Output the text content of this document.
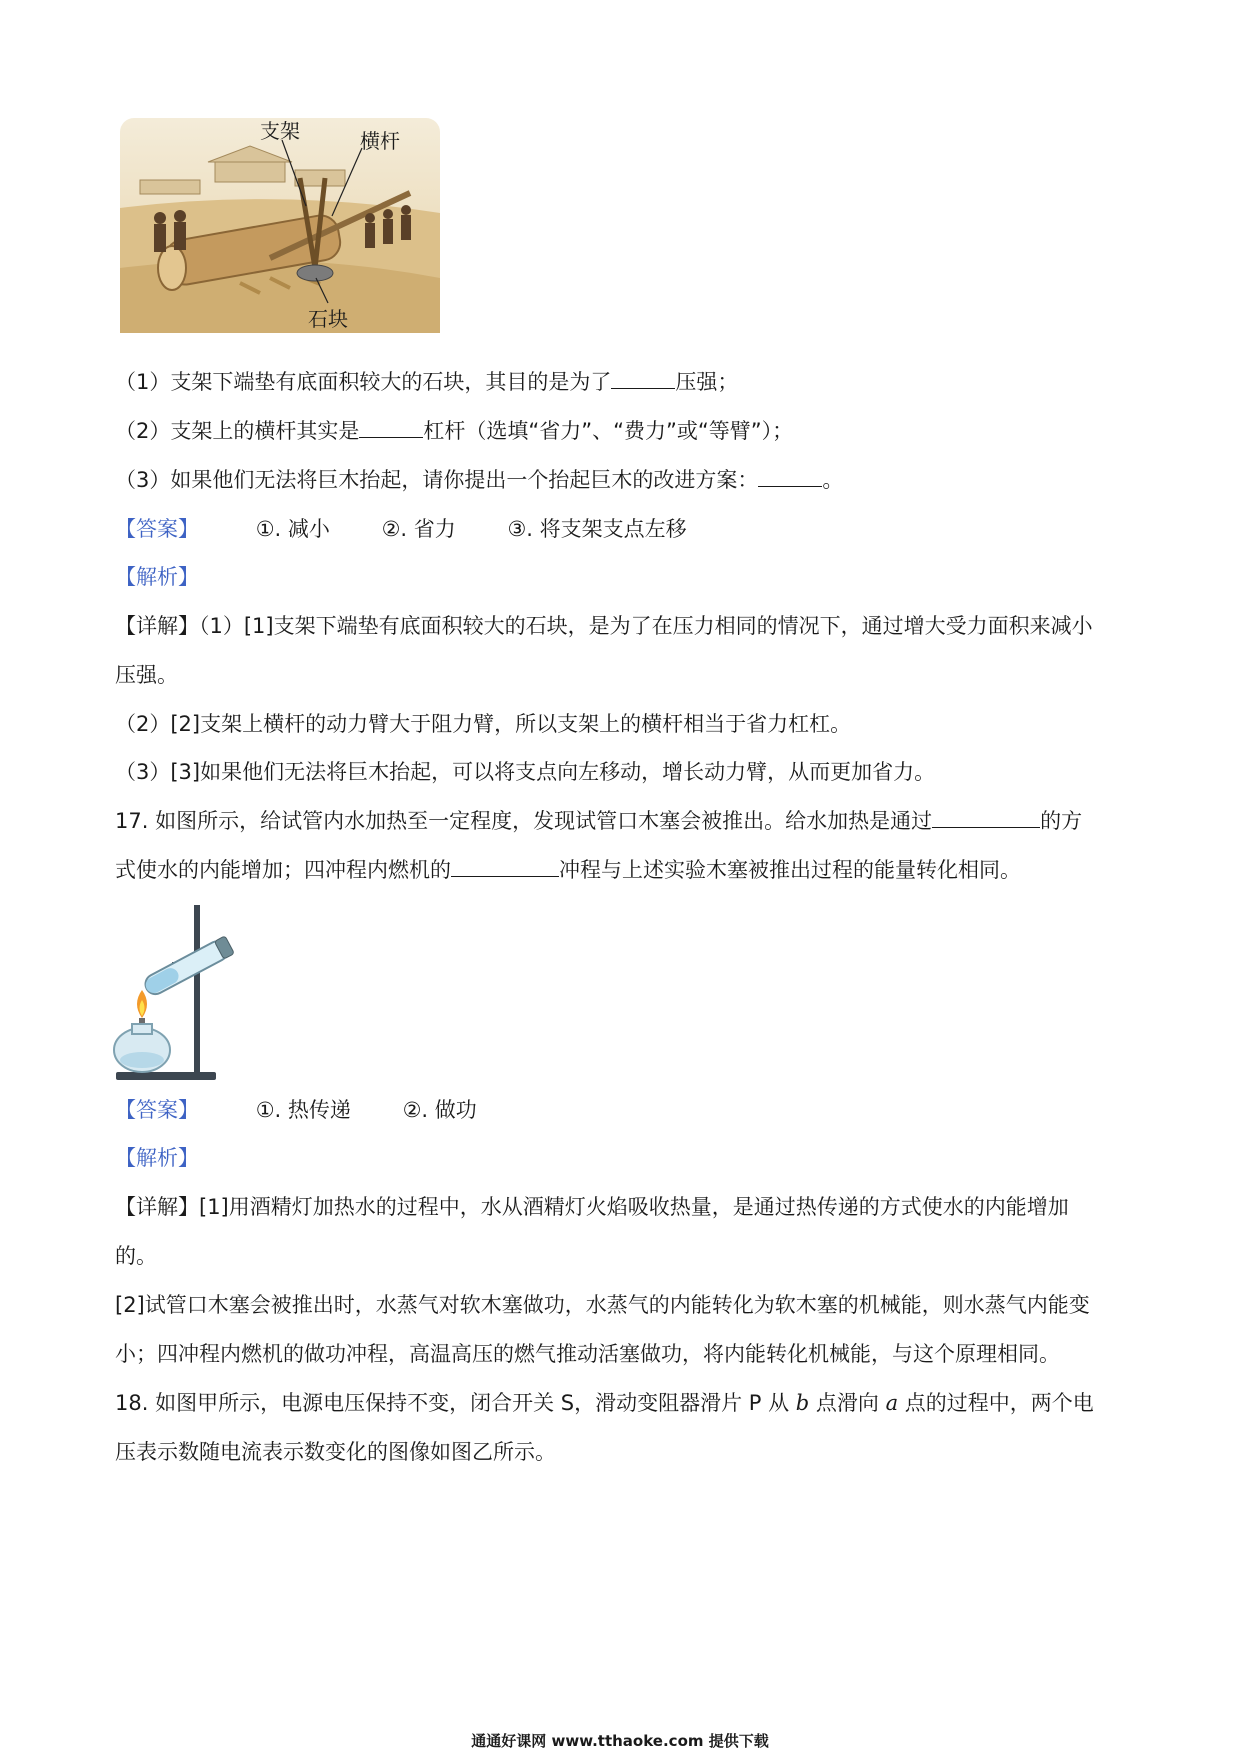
支架	横杆
石块
（1）支架下端垫有底面积较大的石块，其目的是为了	压强；
（2）支架上的横杆其实是	杠杆（选填“省力”、“费力”或“等臂”）；
（3）如果他们无法将巨木抬起，请你提出一个抬起巨木的改进方案：	。
【答案】	①. 减小 ②. 省力 ③. 将支架支点左移
【解析】
【详解】（1）[1]支架下端垫有底面积较大的石块，是为了在压力相同的情况下，通过增大受力面积来减小
压强。
（2）[2]支架上横杆的动力臂大于阻力臂，所以支架上的横杆相当于省力杠杠。
（3）[3]如果他们无法将巨木抬起，可以将支点向左移动，增长动力臂，从而更加省力。
17. 如图所示，给试管内水加热至一定程度，发现试管口木塞会被推出。给水加热是通过	的方
式使水的内能增加；四冲程内燃机的	冲程与上述实验木塞被推出过程的能量转化相同。
【答案】	①. 热传递 ②. 做功
【解析】
【详解】[1]用酒精灯加热水的过程中，水从酒精灯火焰吸收热量，是通过热传递的方式使水的内能增加
的。
[2]试管口木塞会被推出时，水蒸气对软木塞做功，水蒸气的内能转化为软木塞的机械能，则水蒸气内能变
小；四冲程内燃机的做功冲程，高温高压的燃气推动活塞做功，将内能转化机械能，与这个原理相同。
18. 如图甲所示，电源电压保持不变，闭合开关 S，滑动变阻器滑片 P 从 b 点滑向 a 点的过程中，两个电
压表示数随电流表示数变化的图像如图乙所示。
通通好课网 www.tthaoke.com 提供下载
